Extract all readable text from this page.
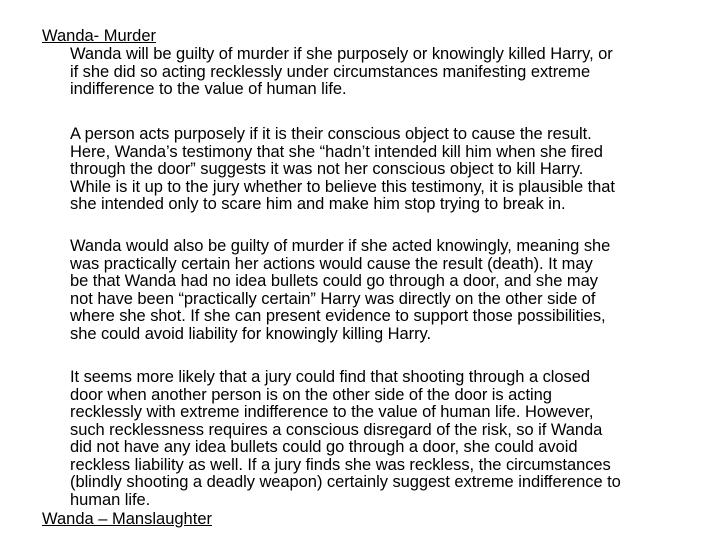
Wanda- Murder

Wanda will be guilty of murder if she purposely or knowingly killed Harry, or
if she did so acting recklessly under circumstances manifesting extreme
indifference to the value of human life.

A person acts purposely if it is their conscious object to cause the result.
Here, Wanda’s testimony that she “hadn’t intended kill him when she fired
through the door” suggests it was not her conscious object to kill Harry.
While is it up to the jury whether to believe this testimony, it is plausible that
she intended only to scare him and make him stop trying to break in.

Wanda would also be guilty of murder if she acted knowingly, meaning she
was practically certain her actions would cause the result (death). It may
be that Wanda had no idea bullets could go through a door, and she may
not have been “practically certain” Harry was directly on the other side of
where she shot. If she can present evidence to support those possibilities,
she could avoid liability for knowingly killing Harry.

It seems more likely that a jury could find that shooting through a closed
door when another person is on the other side of the door is acting
recklessly with extreme indifference to the value of human life. However,
such recklessness requires a conscious disregard of the risk, so if Wanda
did not have any idea bullets could go through a door, she could avoid
reckless liability as well. If a jury finds she was reckless, the circumstances
(blindly shooting a deadly weapon) certainly suggest extreme indifference to
human life.

Wanda – Manslaughter
